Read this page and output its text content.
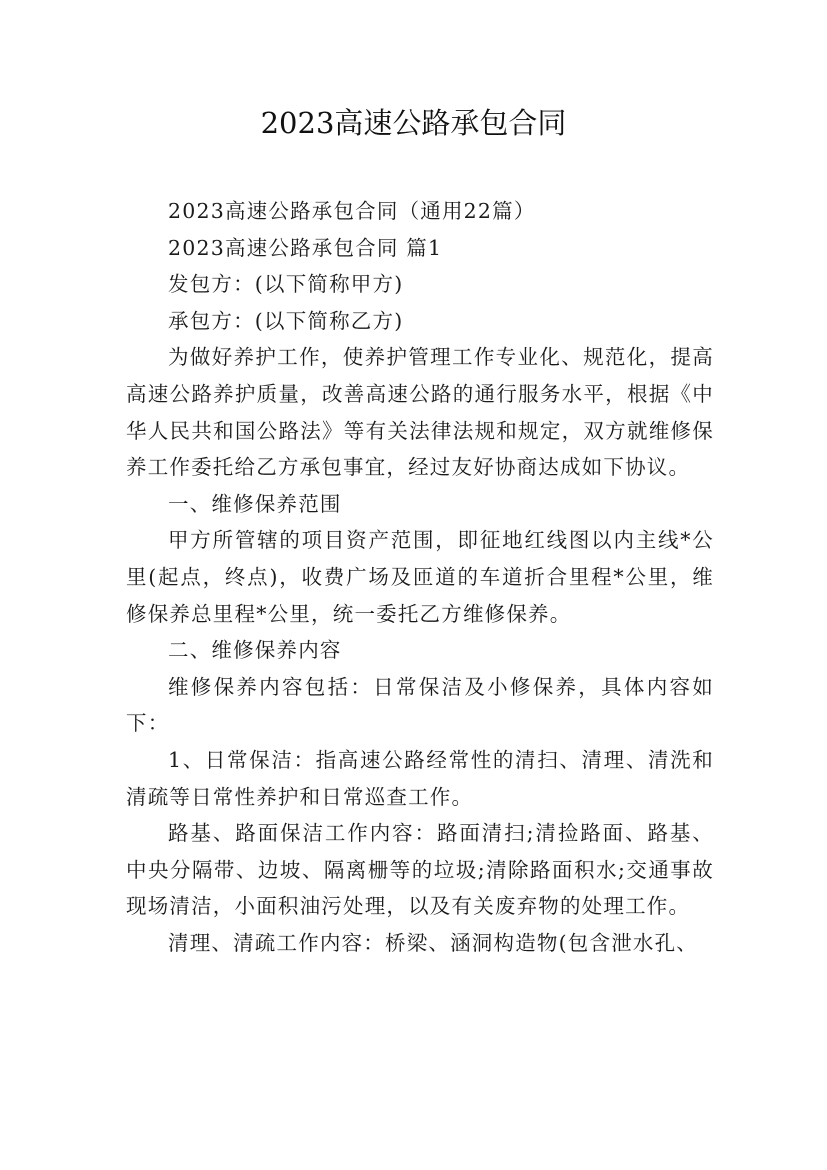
2023高速公路承包合同

2023高速公路承包合同（通用22篇）

2023高速公路承包合同 篇1

发包方：(以下简称甲方)

承包方：(以下简称乙方)

为做好养护工作，使养护管理工作专业化、规范化，提高高速公路养护质量，改善高速公路的通行服务水平，根据《中华人民共和国公路法》等有关法律法规和规定，双方就维修保养工作委托给乙方承包事宜，经过友好协商达成如下协议。

一、维修保养范围

甲方所管辖的项目资产范围，即征地红线图以内主线*公里(起点，终点)，收费广场及匝道的车道折合里程*公里，维修保养总里程*公里，统一委托乙方维修保养。

二、维修保养内容

维修保养内容包括：日常保洁及小修保养，具体内容如下：

1、日常保洁：指高速公路经常性的清扫、清理、清洗和清疏等日常性养护和日常巡查工作。

路基、路面保洁工作内容：路面清扫;清捡路面、路基、中央分隔带、边坡、隔离栅等的垃圾;清除路面积水;交通事故现场清洁，小面积油污处理，以及有关废弃物的处理工作。

清理、清疏工作内容：桥梁、涵洞构造物(包含泄水孔、
